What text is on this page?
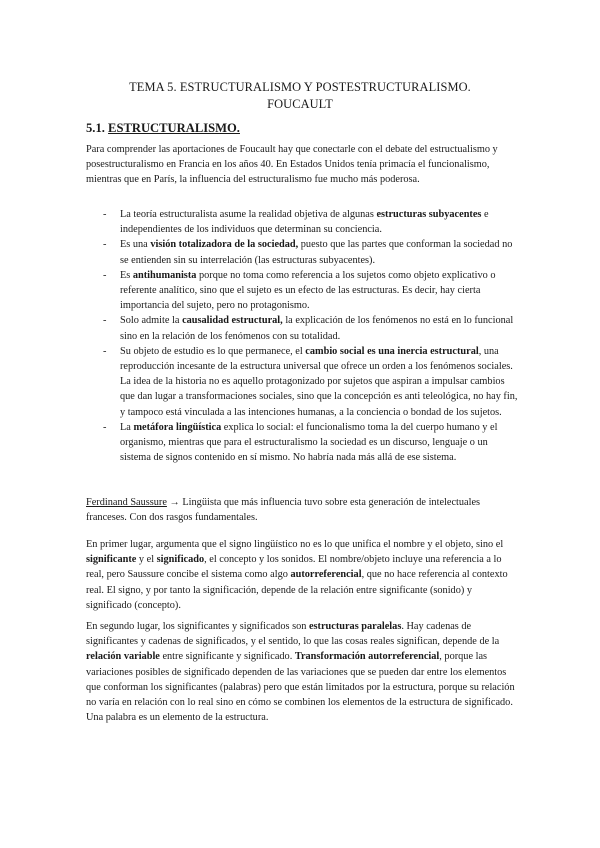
TEMA 5. ESTRUCTURALISMO Y POSTESTRUCTURALISMO.
FOUCAULT
5.1. ESTRUCTURALISMO.

Para comprender las aportaciones de Foucault hay que conectarle con el debate del estructualismo y posestructuralismo en Francia en los años 40. En Estados Unidos tenía primacía el funcionalismo, mientras que en París, la influencia del estructuralismo fue mucho más poderosa.

- La teoría estructuralista asume la realidad objetiva de algunas estructuras subyacentes e independientes de los individuos que determinan su conciencia.
- Es una visión totalizadora de la sociedad, puesto que las partes que conforman la sociedad no se entienden sin su interrelación (las estructuras subyacentes).
- Es antihumanista porque no toma como referencia a los sujetos como objeto explicativo o referente analítico, sino que el sujeto es un efecto de las estructuras. Es decir, hay cierta importancia del sujeto, pero no protagonismo.
- Solo admite la causalidad estructural, la explicación de los fenómenos no está en lo funcional sino en la relación de los fenómenos con su totalidad.
- Su objeto de estudio es lo que permanece, el cambio social es una inercia estructural, una reproducción incesante de la estructura universal que ofrece un orden a los fenómenos sociales. La idea de la historia no es aquello protagonizado por sujetos que aspiran a impulsar cambios que dan lugar a transformaciones sociales, sino que la concepción es anti teleológica, no hay fin, y tampoco está vinculada a las intenciones humanas, a la conciencia o bondad de los sujetos.
- La metáfora lingüística explica lo social: el funcionalismo toma la del cuerpo humano y el organismo, mientras que para el estructuralismo la sociedad es un discurso, lenguaje o un sistema de signos contenido en sí mismo. No habría nada más allá de ese sistema.

Ferdinand Saussure → Lingüista que más influencia tuvo sobre esta generación de intelectuales franceses. Con dos rasgos fundamentales.

En primer lugar, argumenta que el signo lingüístico no es lo que unifica el nombre y el objeto, sino el significante y el significado, el concepto y los sonidos. El nombre/objeto incluye una referencia a lo real, pero Saussure concibe el sistema como algo autorreferencial, que no hace referencia al contexto real. El signo, y por tanto la significación, depende de la relación entre significante (sonido) y significado (concepto).

En segundo lugar, los significantes y significados son estructuras paralelas. Hay cadenas de significantes y cadenas de significados, y el sentido, lo que las cosas reales significan, depende de la relación variable entre significante y significado. Transformación autorreferencial, porque las variaciones posibles de significado dependen de las variaciones que se pueden dar entre los elementos que conforman los significantes (palabras) pero que están limitados por la estructura, porque su relación no varía en relación con lo real sino en cómo se combinen los elementos de la estructura de significado. Una palabra es un elemento de la estructura.
